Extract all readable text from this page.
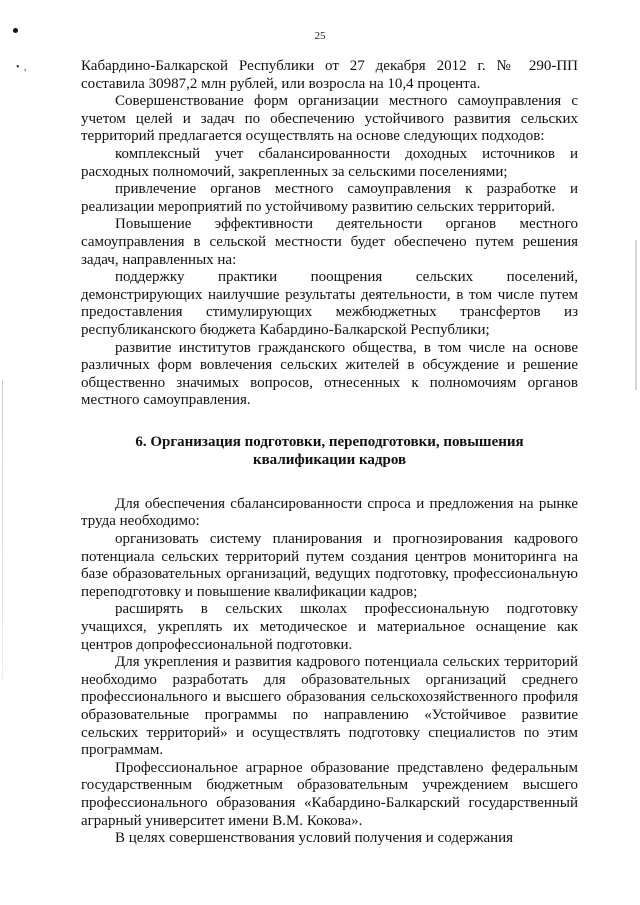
• ,
25

Кабардино-Балкарской Республики от 27 декабря 2012 г. № 290-ПП составила 30987,2 млн рублей, или возросла на 10,4 процента.

Совершенствование форм организации местного самоуправления с учетом целей и задач по обеспечению устойчивого развития сельских территорий предлагается осуществлять на основе следующих подходов:

комплексный учет сбалансированности доходных источников и расходных полномочий, закрепленных за сельскими поселениями;

привлечение органов местного самоуправления к разработке и реализации мероприятий по устойчивому развитию сельских территорий.

Повышение эффективности деятельности органов местного самоуправления в сельской местности будет обеспечено путем решения задач, направленных на:

поддержку практики поощрения сельских поселений, демонстрирующих наилучшие результаты деятельности, в том числе путем предоставления стимулирующих межбюджетных трансфертов из республиканского бюджета Кабардино-Балкарской Республики;

развитие институтов гражданского общества, в том числе на основе различных форм вовлечения сельских жителей в обсуждение и решение общественно значимых вопросов, отнесенных к полномочиям органов местного самоуправления.

6. Организация подготовки, переподготовки, повышения
квалификации кадров

Для обеспечения сбалансированности спроса и предложения на рынке труда необходимо:

организовать систему планирования и прогнозирования кадрового потенциала сельских территорий путем создания центров мониторинга на базе образовательных организаций, ведущих подготовку, профессиональную переподготовку и повышение квалификации кадров;

расширять в сельских школах профессиональную подготовку учащихся, укреплять их методическое и материальное оснащение как центров допрофессиональной подготовки.

Для укрепления и развития кадрового потенциала сельских территорий необходимо разработать для образовательных организаций среднего профессионального и высшего образования сельскохозяйственного профиля образовательные программы по направлению «Устойчивое развитие сельских территорий» и осуществлять подготовку специалистов по этим программам.

Профессиональное аграрное образование представлено федеральным государственным бюджетным образовательным учреждением высшего профессионального образования «Кабардино-Балкарский государственный аграрный университет имени В.М. Кокова».

В целях совершенствования условий получения и содержания
